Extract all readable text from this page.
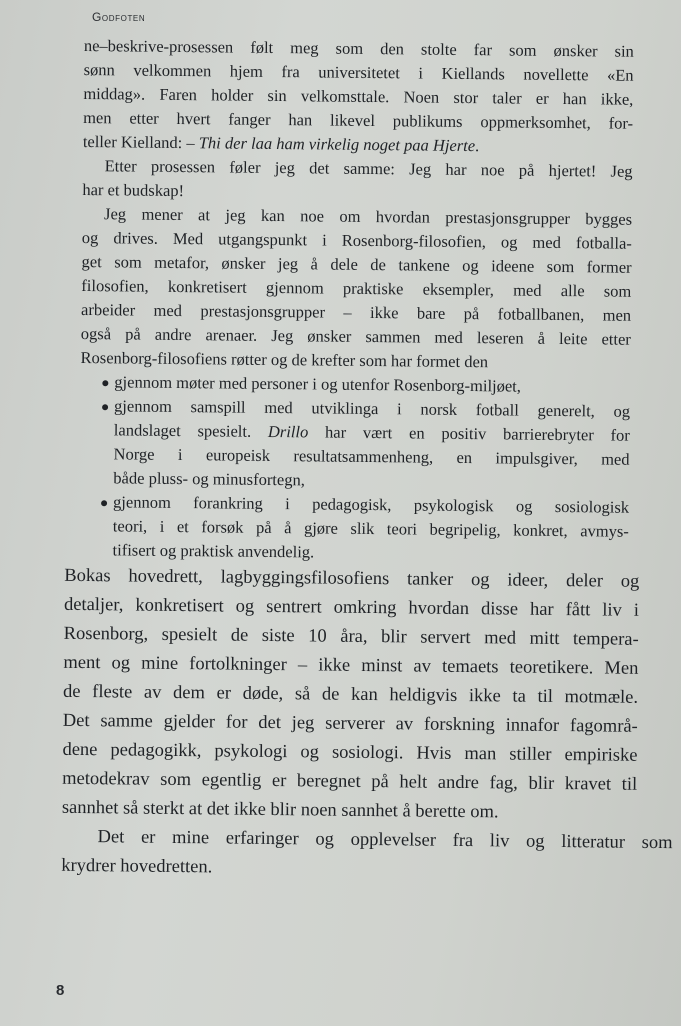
Godfoten
ne–beskrive-prosessen følt meg som den stolte far som ønsker sin
sønn velkommen hjem fra universitetet i Kiellands novellette «En
middag». Faren holder sin velkomsttale. Noen stor taler er han ikke,
men etter hvert fanger han likevel publikums oppmerksomhet, for-
teller Kielland: – Thi der laa ham virkelig noget paa Hjerte.
Etter prosessen føler jeg det samme: Jeg har noe på hjertet! Jeg
har et budskap!
Jeg mener at jeg kan noe om hvordan prestasjonsgrupper bygges
og drives. Med utgangspunkt i Rosenborg-filosofien, og med fotballa-
get som metafor, ønsker jeg å dele de tankene og ideene som former
filosofien, konkretisert gjennom praktiske eksempler, med alle som
arbeider med prestasjonsgrupper – ikke bare på fotballbanen, men
også på andre arenaer. Jeg ønsker sammen med leseren å leite etter
Rosenborg-filosofiens røtter og de krefter som har formet den
gjennom møter med personer i og utenfor Rosenborg-miljøet,
gjennom samspill med utviklinga i norsk fotball generelt, og
landslaget spesielt. Drillo har vært en positiv barrierebryter for
Norge i europeisk resultatsammenheng, en impulsgiver, med
både pluss- og minusfortegn,
gjennom forankring i pedagogisk, psykologisk og sosiologisk
teori, i et forsøk på å gjøre slik teori begripelig, konkret, avmys-
tifisert og praktisk anvendelig.
Bokas hovedrett, lagbyggingsfilosofiens tanker og ideer, deler og
detaljer, konkretisert og sentrert omkring hvordan disse har fått liv i
Rosenborg, spesielt de siste 10 åra, blir servert med mitt tempera-
ment og mine fortolkninger – ikke minst av temaets teoretikere. Men
de fleste av dem er døde, så de kan heldigvis ikke ta til motmæle.
Det samme gjelder for det jeg serverer av forskning innafor fagområ-
dene pedagogikk, psykologi og sosiologi. Hvis man stiller empiriske
metodekrav som egentlig er beregnet på helt andre fag, blir kravet til
sannhet så sterkt at det ikke blir noen sannhet å berette om.
Det er mine erfaringer og opplevelser fra liv og litteratur som
krydrer hovedretten.
8
